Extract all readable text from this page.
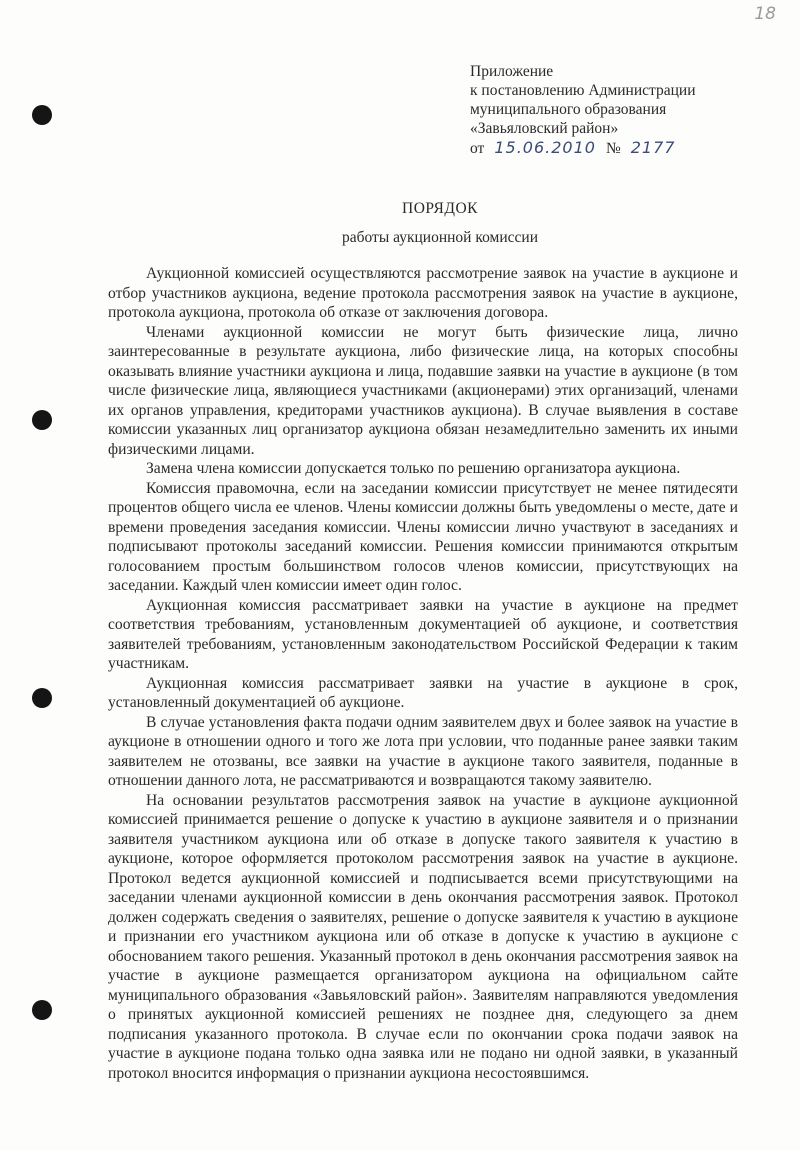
18
Приложение
к постановлению Администрации
муниципального образования
«Завьяловский район»
от 15.06.2010 № 2177
ПОРЯДОК
работы аукционной комиссии

Аукционной комиссией осуществляются рассмотрение заявок на участие в аукционе и отбор участников аукциона, ведение протокола рассмотрения заявок на участие в аукционе, протокола аукциона, протокола об отказе от заключения договора.

Членами аукционной комиссии не могут быть физические лица, лично заинтересованные в результате аукциона, либо физические лица, на которых способны оказывать влияние участники аукциона и лица, подавшие заявки на участие в аукционе (в том числе физические лица, являющиеся участниками (акционерами) этих организаций, членами их органов управления, кредиторами участников аукциона). В случае выявления в составе комиссии указанных лиц организатор аукциона обязан незамедлительно заменить их иными физическими лицами.

Замена члена комиссии допускается только по решению организатора аукциона.

Комиссия правомочна, если на заседании комиссии присутствует не менее пятидесяти процентов общего числа ее членов. Члены комиссии должны быть уведомлены о месте, дате и времени проведения заседания комиссии. Члены комиссии лично участвуют в заседаниях и подписывают протоколы заседаний комиссии. Решения комиссии принимаются открытым голосованием простым большинством голосов членов комиссии, присутствующих на заседании. Каждый член комиссии имеет один голос.

Аукционная комиссия рассматривает заявки на участие в аукционе на предмет соответствия требованиям, установленным документацией об аукционе, и соответствия заявителей требованиям, установленным законодательством Российской Федерации к таким участникам.

Аукционная комиссия рассматривает заявки на участие в аукционе в срок, установленный документацией об аукционе.

В случае установления факта подачи одним заявителем двух и более заявок на участие в аукционе в отношении одного и того же лота при условии, что поданные ранее заявки таким заявителем не отозваны, все заявки на участие в аукционе такого заявителя, поданные в отношении данного лота, не рассматриваются и возвращаются такому заявителю.

На основании результатов рассмотрения заявок на участие в аукционе аукционной комиссией принимается решение о допуске к участию в аукционе заявителя и о признании заявителя участником аукциона или об отказе в допуске такого заявителя к участию в аукционе, которое оформляется протоколом рассмотрения заявок на участие в аукционе. Протокол ведется аукционной комиссией и подписывается всеми присутствующими на заседании членами аукционной комиссии в день окончания рассмотрения заявок. Протокол должен содержать сведения о заявителях, решение о допуске заявителя к участию в аукционе и признании его участником аукциона или об отказе в допуске к участию в аукционе с обоснованием такого решения. Указанный протокол в день окончания рассмотрения заявок на участие в аукционе размещается организатором аукциона на официальном сайте муниципального образования «Завьяловский район». Заявителям направляются уведомления о принятых аукционной комиссией решениях не позднее дня, следующего за днем подписания указанного протокола. В случае если по окончании срока подачи заявок на участие в аукционе подана только одна заявка или не подано ни одной заявки, в указанный протокол вносится информация о признании аукциона несостоявшимся.
